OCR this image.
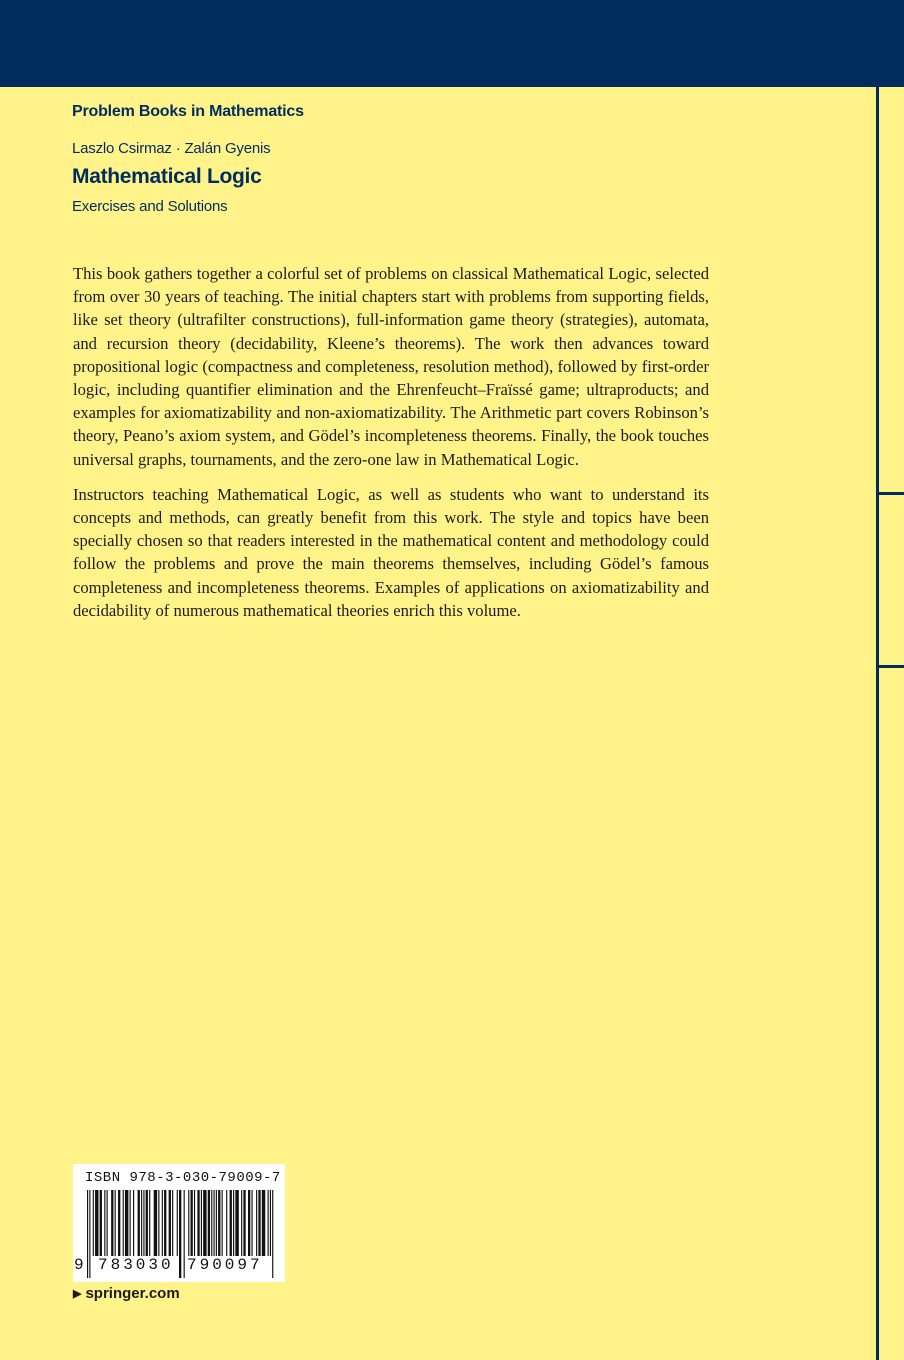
Problem Books in Mathematics
Laszlo Csirmaz · Zalán Gyenis
Mathematical Logic
Exercises and Solutions

This book gathers together a colorful set of problems on classical Mathematical Logic, selected from over 30 years of teaching. The initial chapters start with problems from supporting fields, like set theory (ultrafilter constructions), full-information game theory (strategies), automata, and recursion theory (decidability, Kleene’s theorems). The work then advances toward propositional logic (compactness and completeness, resolution method), followed by first-order logic, including quantifier elimination and the Ehrenfeucht–Fraïssé game; ultraproducts; and examples for axiomatizability and non-axiomatizability. The Arithmetic part covers Robinson’s theory, Peano’s axiom system, and Gödel’s incompleteness theorems. Finally, the book touches universal graphs, tournaments, and the zero-one law in Mathematical Logic.

Instructors teaching Mathematical Logic, as well as students who want to understand its concepts and methods, can greatly benefit from this work. The style and topics have been specially chosen so that readers interested in the mathematical content and methodology could follow the problems and prove the main theorems themselves, including Gödel’s famous completeness and incompleteness theorems. Examples of applications on axiomatizability and decidability of numerous mathematical theories enrich this volume.

ISBN 978-3-030-79009-7
9 783030 790097
▶ springer.com
